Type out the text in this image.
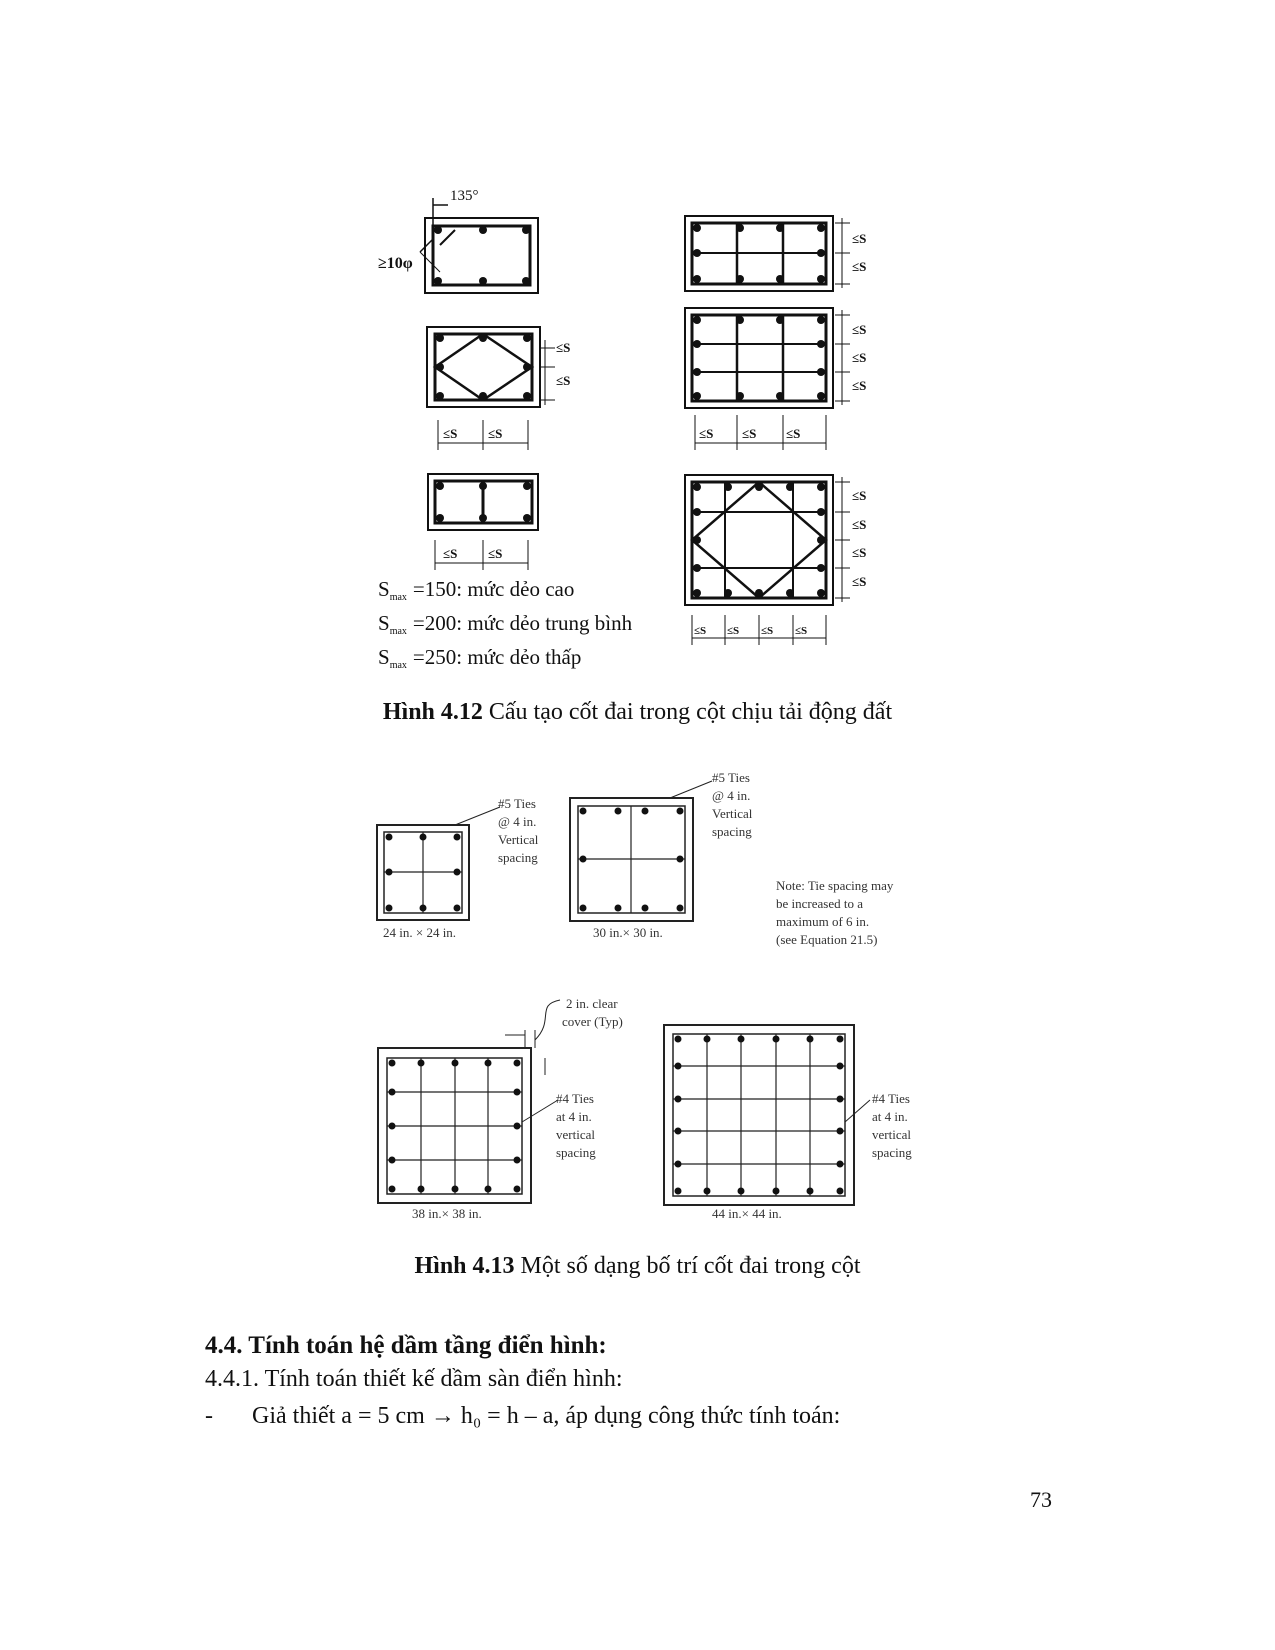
135°
≥10φ
≤S
≤S
≤S
≤S
≤S
≤S
≤S
≤S
≤S
≤S
≤S
≤S ≤S
≤S ≤S
≤S ≤S ≤S
≤S ≤S ≤S ≤S
Smax =150: mức dẻo cao
Smax =200: mức dẻo trung bình
Smax =250: mức dẻo thấp
Hình 4.12 Cấu tạo cốt đai trong cột chịu tải động đất
#5 Ties
@ 4 in.
Vertical
spacing
#5 Ties
@ 4 in.
Vertical
spacing
24 in. × 24 in.	30 in.× 30 in.
Note: Tie spacing may
be increased to a
maximum of 6 in.
(see Equation 21.5)
2 in. clear
cover (Typ)
#4 Ties
at 4 in.
vertical
spacing
#4 Ties
at 4 in.
vertical
spacing
38 in.× 38 in.	44 in.× 44 in.
Hình 4.13 Một số dạng bố trí cốt đai trong cột
4.4. Tính toán hệ dầm tầng điển hình:
4.4.1. Tính toán thiết kế dầm sàn điển hình:
- Giả thiết a = 5 cm → h₀ = h – a, áp dụng công thức tính toán:
73
